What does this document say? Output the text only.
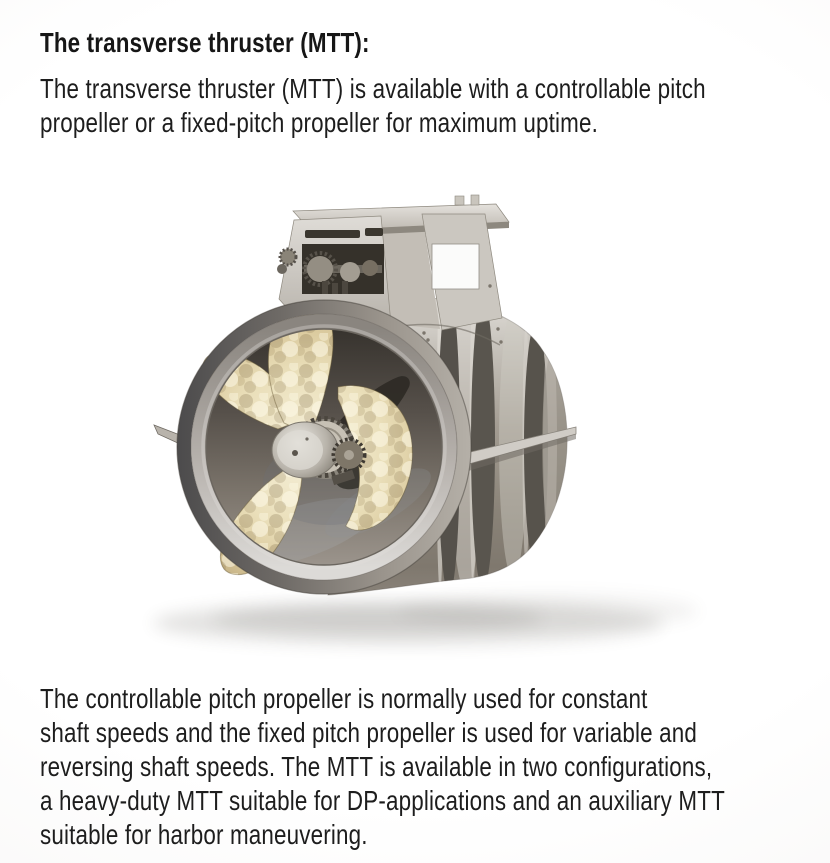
The transverse thruster (MTT):

The transverse thruster (MTT) is available with a controllable pitch
propeller or a fixed-pitch propeller for maximum uptime.

The controllable pitch propeller is normally used for constant
shaft speeds and the fixed pitch propeller is used for variable and
reversing shaft speeds. The MTT is available in two configurations,
a heavy-duty MTT suitable for DP-applications and an auxiliary MTT
suitable for harbor maneuvering.
